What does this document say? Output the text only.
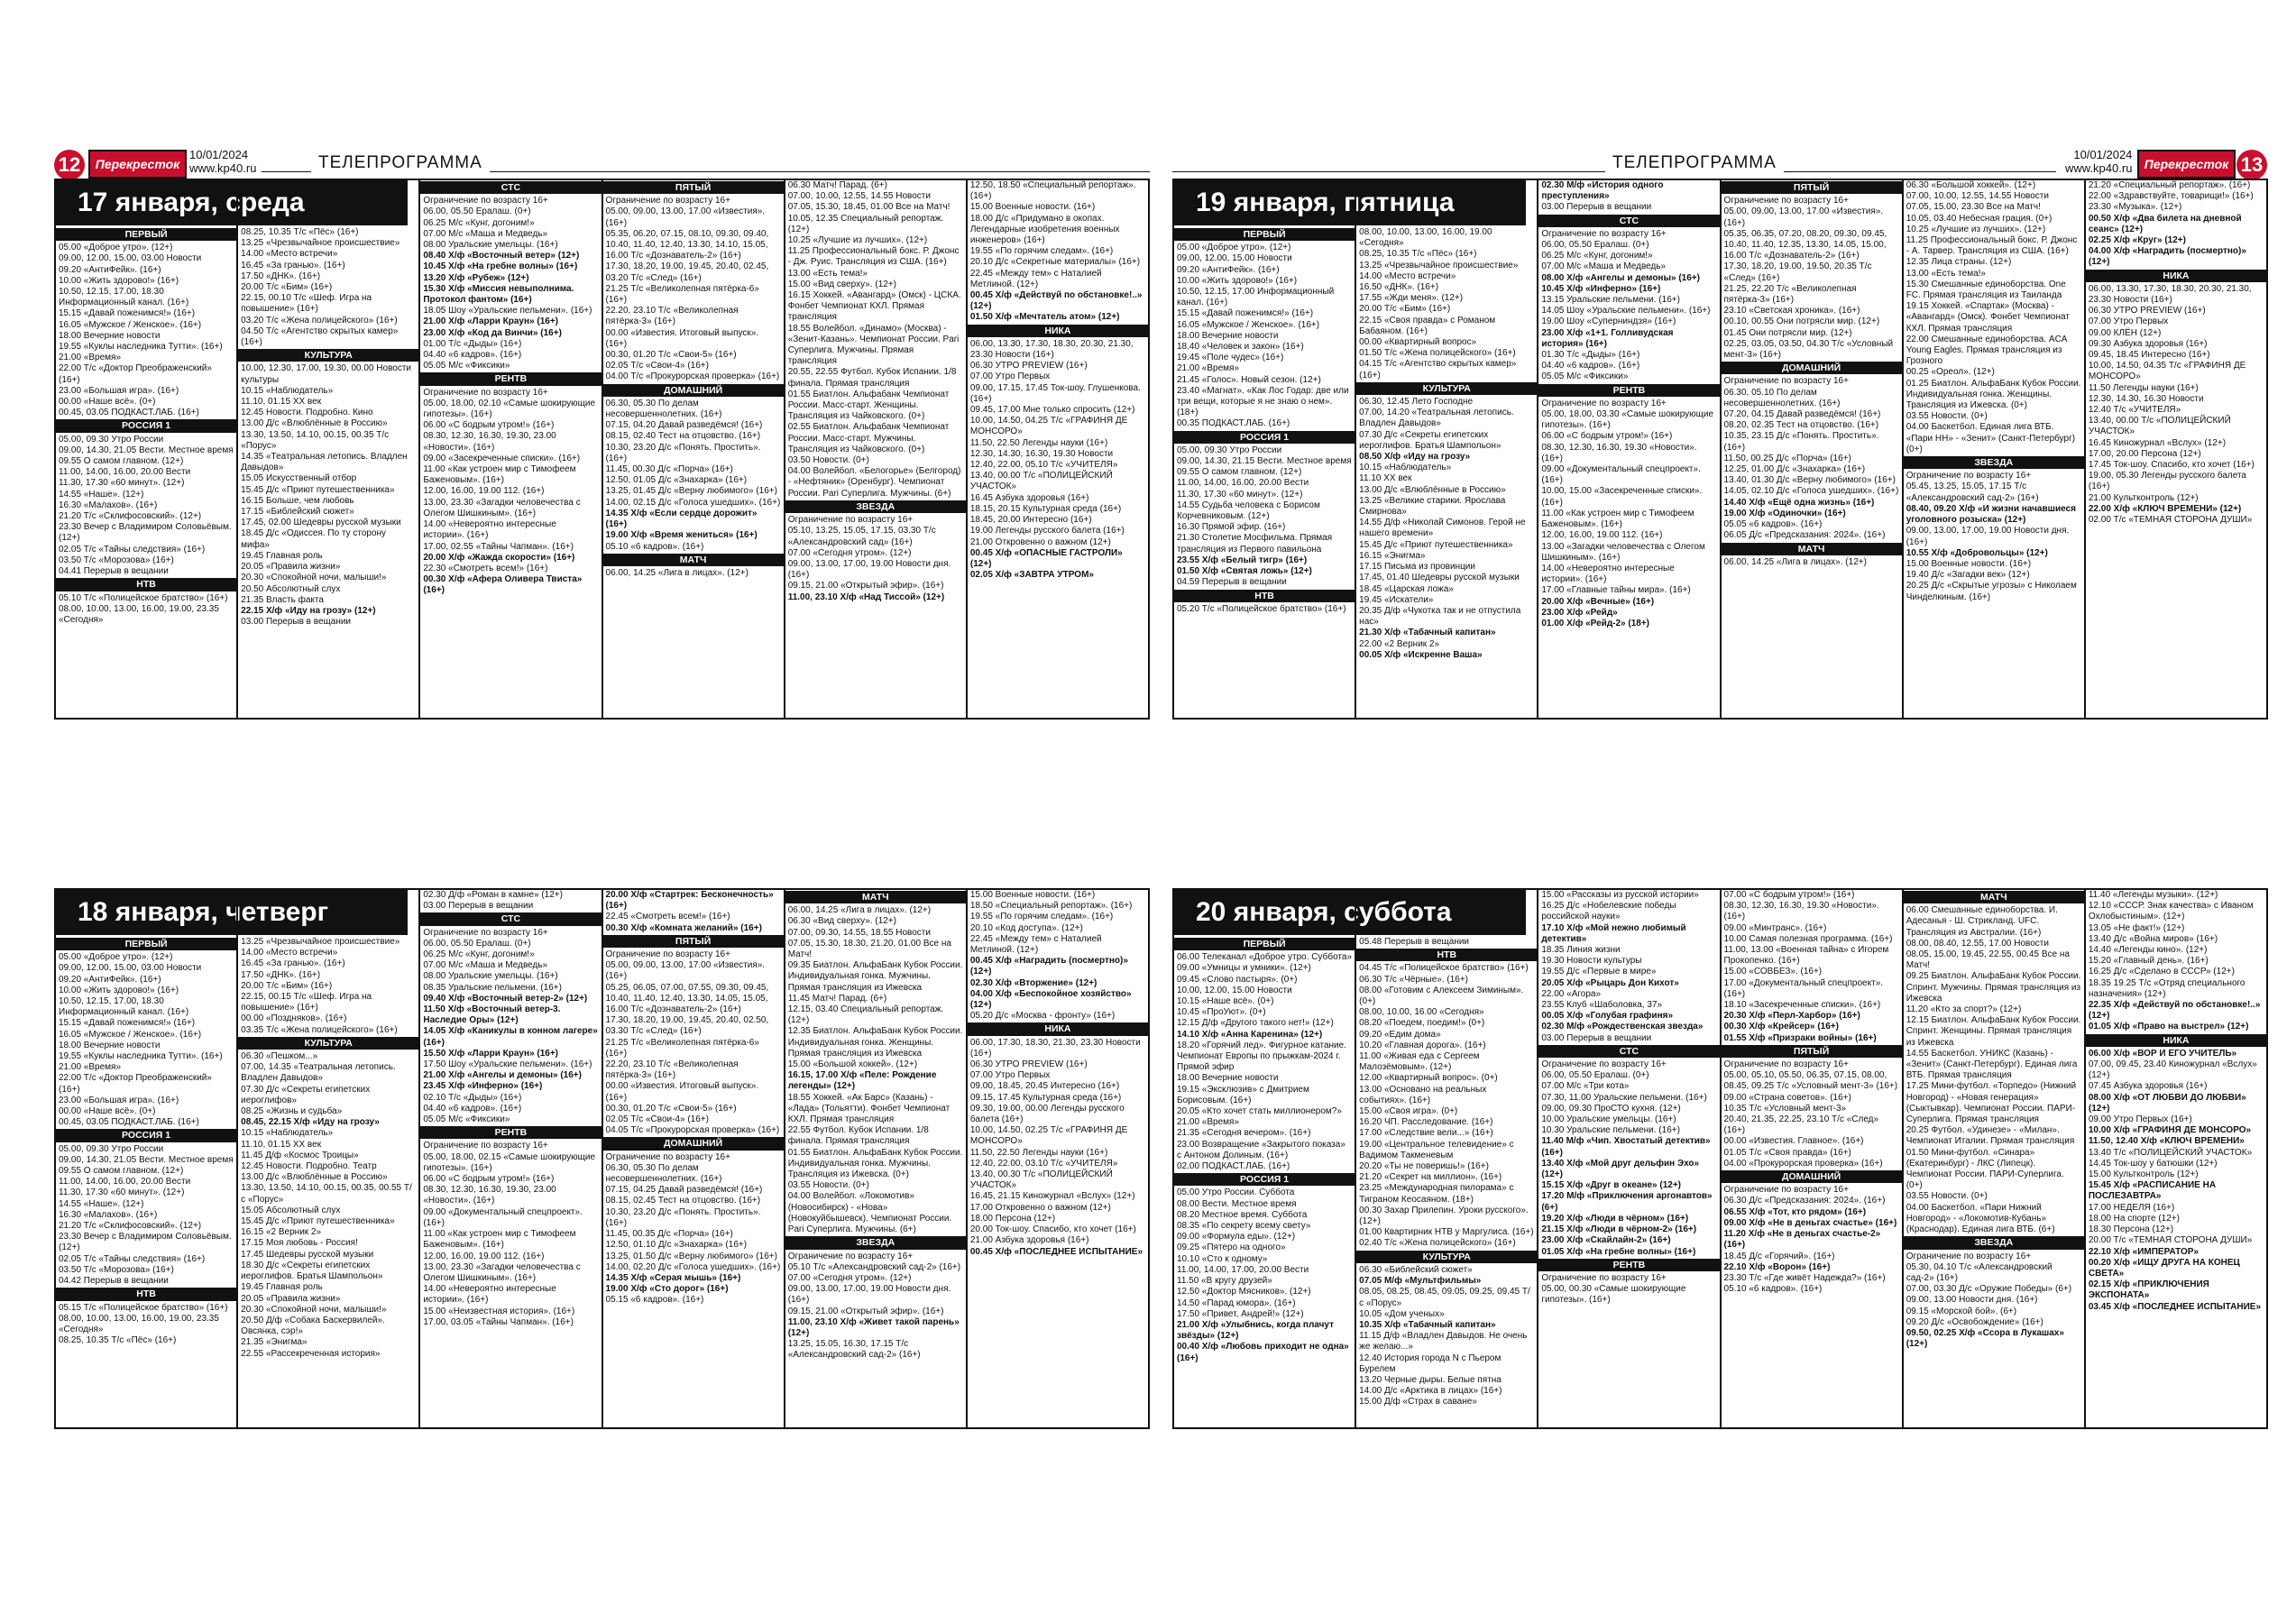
12	Перекресток
10/01/2024
www.kp40.ru	ТЕЛЕПРОГРАММА
17 января, среда
ПЕРВЫЙ
05.00 «Доброе утро». (12+)
09.00, 12.00, 15.00, 03.00 Новости
09.20 «АнтиФейк». (16+)
10.00 «Жить здорово!» (16+)
10.50, 12.15, 17.00, 18.30 Информационный канал. (16+)
15.15 «Давай поженимся!» (16+)
16.05 «Мужское / Женское». (16+)
18.00 Вечерние новости
19.55 «Куклы наследника Тутти». (16+)
21.00 «Время»
22.00 Т/с «Доктор Преображенский» (16+)
23.00 «Большая игра». (16+)
00.00 «Наше всё». (0+)
00.45, 03.05 ПОДКАСТ.ЛАБ. (16+)
РОССИЯ 1
05.00, 09.30 Утро России
09.00, 14.30, 21.05 Вести. Местное время
09.55 О самом главном. (12+)
11.00, 14.00, 16.00, 20.00 Вести
11.30, 17.30 «60 минут». (12+)
14.55 «Наше». (12+)
16.30 «Малахов». (16+)
21.20 Т/с «Склифосовский». (12+)
23.30 Вечер с Владимиром Соловьёвым. (12+)
02.05 Т/с «Тайны следствия» (16+)
03.50 Т/с «Морозова» (16+)
04.41 Перерыв в вещании
НТВ
05.10 Т/с «Полицейское братство» (16+)
08.00, 10.00, 13.00, 16.00, 19.00, 23.35 «Сегодня»
08.25, 10.35 Т/с «Пёс» (16+)
13.25 «Чрезвычайное происшествие»
14.00 «Место встречи»
16.45 «За гранью». (16+)
17.50 «ДНК». (16+)
20.00 Т/с «Бим» (16+)
22.15, 00.10 Т/с «Шеф. Игра на повышение» (16+)
03.20 Т/с «Жена полицейского» (16+)
04.50 Т/с «Агентство скрытых камер» (16+)
КУЛЬТУРА
10.00, 12.30, 17.00, 19.30, 00.00 Новости культуры
10.15 «Наблюдатель»
11.10, 01.15 ХХ век
12.45 Новости. Подробно. Кино
13.00 Д/с «Влюблённые в Россию»
13.30, 13.50, 14.10, 00.15, 00.35 Т/с «Порус»
14.35 «Театральная летопись. Владлен Давыдов»
15.05 Искусственный отбор
15.45 Д/с «Приют путешественника»
16.15 Больше, чем любовь
17.15 «Библейский сюжет»
17.45, 02.00 Шедевры русской музыки
18.45 Д/с «Одиссея. По ту сторону мифа»
19.45 Главная роль
20.05 «Правила жизни»
20.30 «Спокойной ночи, малыши!»
20.50 Абсолютный слух
21.35 Власть факта
22.15 Х/ф «Иду на грозу» (12+)
03.00 Перерыв в вещании
СТС
Ограничение по возрасту 16+
06.00, 05.50 Ералаш. (0+)
06.25 М/с «Кунг, догоним!»
07.00 М/с «Маша и Медведь»
08.00 Уральские умельцы. (16+)
08.40 Х/ф «Восточный ветер» (12+)
10.45 Х/ф «На гребне волны» (16+)
13.20 Х/ф «Рубеж» (12+)
15.30 Х/ф «Миссия невыполнима. Протокол фантом» (16+)
18.05 Шоу «Уральские пельмени». (16+)
21.00 Х/ф «Ларри Краун» (16+)
23.00 Х/ф «Код да Винчи» (16+)
01.00 Т/с «Дыды» (16+)
04.40 «6 кадров». (16+)
05.05 М/с «Фиксики»
РЕНТВ
Ограничение по возрасту 16+
05.00, 18.00, 02.10 «Самые шокирующие гипотезы». (16+)
06.00 «С бодрым утром!» (16+)
08.30, 12.30, 16.30, 19.30, 23.00 «Новости». (16+)
09.00 «Засекреченные списки». (16+)
11.00 «Как устроен мир с Тимофеем Баженовым». (16+)
12.00, 16.00, 19.00 112. (16+)
13.00, 23.30 «Загадки человечества с Олегом Шишкиным». (16+)
14.00 «Невероятно интересные истории». (16+)
17.00, 02.55 «Тайны Чапман». (16+)
20.00 Х/ф «Жажда скорости» (16+)
22.30 «Смотреть всем!» (16+)
00.30 Х/ф «Афера Оливера Твиста» (16+)
ПЯТЫЙ
Ограничение по возрасту 16+
05.00, 09.00, 13.00, 17.00 «Известия». (16+)
05.35, 06.20, 07.15, 08.10, 09.30, 09.40, 10.40, 11.40, 12.40, 13.30, 14.10, 15.05, 16.00 Т/с «Дознаватель-2» (16+)
17.30, 18.20, 19.00, 19.45, 20.40, 02.45, 03.20 Т/с «След» (16+)
21.25 Т/с «Великолепная пятёрка-6» (16+)
22.20, 23.10 Т/с «Великолепная пятёрка-3» (16+)
00.00 «Известия. Итоговый выпуск». (16+)
00.30, 01.20 Т/с «Свои-5» (16+)
02.05 Т/с «Свои-4» (16+)
04.00 Т/с «Прокурорская проверка» (16+)
ДОМАШНИЙ
06.30, 05.30 По делам несовершеннолетних. (16+)
07.15, 04.20 Давай разведёмся! (16+)
08.15, 02.40 Тест на отцовство. (16+)
10.30, 23.20 Д/с «Понять. Простить». (16+)
11.45, 00.30 Д/с «Порча» (16+)
12.50, 01.05 Д/с «Знахарка» (16+)
13.25, 01.45 Д/с «Верну любимого» (16+)
14.00, 02.15 Д/с «Голоса ушедших». (16+)
14.35 Х/ф «Если сердце дорожит» (16+)
19.00 Х/ф «Время жениться» (16+)
05.10 «6 кадров». (16+)
МАТЧ
06.00, 14.25 «Лига в лицах». (12+)
06.30 Матч! Парад. (6+)
07.00, 10.00, 12.55, 14.55 Новости
07.05, 15.30, 18.45, 01.00 Все на Матч!
10.05, 12.35 Специальный репортаж. (12+)
10.25 «Лучшие из лучших». (12+)
11.25 Профессиональный бокс. Р. Джонс - Дж. Руис. Трансляция из США. (16+)
13.00 «Есть тема!»
15.00 «Вид сверху». (12+)
16.15 Хоккей. «Авангард» (Омск) - ЦСКА. Фонбет Чемпионат КХЛ. Прямая трансляция
18.55 Волейбол. «Динамо» (Москва) - «Зенит-Казань». Чемпионат России. Pari Суперлига. Мужчины. Прямая трансляция
20.55, 22.55 Футбол. Кубок Испании. 1/8 финала. Прямая трансляция
01.55 Биатлон. Альфабанк Чемпионат России. Масс-старт. Женщины. Трансляция из Чайковского. (0+)
02.55 Биатлон. Альфабанк Чемпионат России. Масс-старт. Мужчины. Трансляция из Чайковского. (0+)
03.50 Новости. (0+)
04.00 Волейбол. «Белогорье» (Белгород) - «Нефтяник» (Оренбург). Чемпионат России. Pari Суперлига. Мужчины. (6+)
ЗВЕЗДА
Ограничение по возрасту 16+
05.10, 13.25, 15.05, 17.15, 03.30 Т/с «Александровский сад» (16+)
07.00 «Сегодня утром». (12+)
09.00, 13.00, 17.00, 19.00 Новости дня. (16+)
09.15, 21.00 «Открытый эфир». (16+)
11.00, 23.10 Х/ф «Над Тиссой» (12+)
12.50, 18.50 «Специальный репортаж». (16+)
15.00 Военные новости. (16+)
18.00 Д/с «Придумано в окопах. Легендарные изобретения военных инженеров» (16+)
19.55 «По горячим следам». (16+)
20.10 Д/с «Секретные материалы» (16+)
22.45 «Между тем» с Наталией Метлиной. (12+)
00.45 Х/ф «Действуй по обстановке!..» (12+)
01.50 Х/ф «Мечтатель атом» (12+)
НИКА
06.00, 13.30, 17.30, 18.30, 20.30, 21.30, 23.30 Новости (16+)
06.30 УТРО PREVIEW (16+)
07.00 Утро Первых
09.00, 17.15, 17.45 Ток-шоу. Глушенкова. (16+)
09.45, 17.00 Мне только спросить (12+)
10.00, 14.50, 04.25 Т/с «ГРАФИНЯ ДЕ МОНСОРО»
11.50, 22.50 Легенды науки (16+)
12.30, 14.30, 16.30, 19.30 Новости
12.40, 22.00, 05.10 Т/с «УЧИТЕЛЯ»
13.40, 00.00 Т/с «ПОЛИЦЕЙСКИЙ УЧАСТОК»
16.45 Азбука здоровья (16+)
18.15, 20.15 Культурная среда (16+)
18.45, 20.00 Интересно (16+)
19.00 Легенды русского балета (16+)
21.00 Откровенно о важном (12+)
00.45 Х/ф «ОПАСНЫЕ ГАСТРОЛИ» (12+)
02.05 Х/ф «ЗАВТРА УТРОМ»
18 января, четверг
ПЕРВЫЙ
05.00 «Доброе утро». (12+)
09.00, 12.00, 15.00, 03.00 Новости
09.20 «АнтиФейк». (16+)
10.00 «Жить здорово!» (16+)
10.50, 12.15, 17.00, 18.30 Информационный канал. (16+)
15.15 «Давай поженимся!» (16+)
16.05 «Мужское / Женское». (16+)
18.00 Вечерние новости
19.55 «Куклы наследника Тутти». (16+)
21.00 «Время»
22.00 Т/с «Доктор Преображенский» (16+)
23.00 «Большая игра». (16+)
00.00 «Наше всё». (0+)
00.45, 03.05 ПОДКАСТ.ЛАБ. (16+)
РОССИЯ 1
05.00, 09.30 Утро России
09.00, 14.30, 21.05 Вести. Местное время
09.55 О самом главном. (12+)
11.00, 14.00, 16.00, 20.00 Вести
11.30, 17.30 «60 минут». (12+)
14.55 «Наше». (12+)
16.30 «Малахов». (16+)
21.20 Т/с «Склифосовский». (12+)
23.30 Вечер с Владимиром Соловьёвым. (12+)
02.05 Т/с «Тайны следствия» (16+)
03.50 Т/с «Морозова» (16+)
04.42 Перерыв в вещании
НТВ
05.15 Т/с «Полицейское братство» (16+)
08.00, 10.00, 13.00, 16.00, 19.00, 23.35 «Сегодня»
08.25, 10.35 Т/с «Пёс» (16+)
13.25 «Чрезвычайное происшествие»
14.00 «Место встречи»
16.45 «За гранью». (16+)
17.50 «ДНК». (16+)
20.00 Т/с «Бим» (16+)
22.15, 00.15 Т/с «Шеф. Игра на повышение» (16+)
00.00 «Поздняков». (16+)
03.35 Т/с «Жена полицейского» (16+)
КУЛЬТУРА
06.30 «Пешком...»
07.00, 14.35 «Театральная летопись. Владлен Давыдов»
07.30 Д/с «Секреты египетских иероглифов»
08.25 «Жизнь и судьба»
08.45, 22.15 Х/ф «Иду на грозу»
10.15 «Наблюдатель»
11.10, 01.15 ХХ век
11.45 Д/ф «Космос Троицы»
12.45 Новости. Подробно. Театр
13.00 Д/с «Влюблённые в Россию»
13.30, 13.50, 14.10, 00.15, 00.35, 00.55 Т/с «Порус»
15.05 Абсолютный слух
15.45 Д/с «Приют путешественника»
16.15 «2 Верник 2»
17.15 Моя любовь - Россия!
17.45 Шедевры русской музыки
18.30 Д/с «Секреты египетских иероглифов. Братья Шампольон»
19.45 Главная роль
20.05 «Правила жизни»
20.30 «Спокойной ночи, малыши!»
20.50 Д/ф «Собака Баскервилей». Овсянка, сэр!»
21.35 «Энигма»
22.55 «Рассекреченная история»
02.30 Д/ф «Роман в камне» (12+)
03.00 Перерыв в вещании
СТС
Ограничение по возрасту 16+
06.00, 05.50 Ералаш. (0+)
06.25 М/с «Кунг, догоним!»
07.00 М/с «Маша и Медведь»
08.00 Уральские умельцы. (16+)
08.35 Уральские пельмени. (16+)
09.40 Х/ф «Восточный ветер-2» (12+)
11.50 Х/ф «Восточный ветер-3. Наследие Оры» (12+)
14.05 Х/ф «Каникулы в конном лагере» (16+)
15.50 Х/ф «Ларри Краун» (16+)
17.50 Шоу «Уральские пельмени». (16+)
21.00 Х/ф «Ангелы и демоны» (16+)
23.45 Х/ф «Инферно» (16+)
02.10 Т/с «Дыды» (16+)
04.40 «6 кадров». (16+)
05.05 М/с «Фиксики»
РЕНТВ
Ограничение по возрасту 16+
05.00, 18.00, 02.15 «Самые шокирующие гипотезы». (16+)
06.00 «С бодрым утром!» (16+)
08.30, 12.30, 16.30, 19.30, 23.00 «Новости». (16+)
09.00 «Документальный спецпроект». (16+)
11.00 «Как устроен мир с Тимофеем Баженовым». (16+)
12.00, 16.00, 19.00 112. (16+)
13.00, 23.30 «Загадки человечества с Олегом Шишкиным». (16+)
14.00 «Невероятно интересные истории». (16+)
15.00 «Неизвестная история». (16+)
17.00, 03.05 «Тайны Чапман». (16+)
20.00 Х/ф «Стартрек: Бесконечность» (16+)
22.45 «Смотреть всем!» (16+)
00.30 Х/ф «Комната желаний» (16+)
ПЯТЫЙ
Ограничение по возрасту 16+
05.00, 09.00, 13.00, 17.00 «Известия». (16+)
05.25, 06.05, 07.00, 07.55, 09.30, 09.45, 10.40, 11.40, 12.40, 13.30, 14.05, 15.05, 16.00 Т/с «Дознаватель-2» (16+)
17.30, 18.20, 19.00, 19.45, 20.40, 02.50, 03.30 Т/с «След» (16+)
21.25 Т/с «Великолепная пятёрка-6» (16+)
22.20, 23.10 Т/с «Великолепная пятёрка-3» (16+)
00.00 «Известия. Итоговый выпуск». (16+)
00.30, 01.20 Т/с «Свои-5» (16+)
02.05 Т/с «Свои-4» (16+)
04.05 Т/с «Прокурорская проверка» (16+)
ДОМАШНИЙ
Ограничение по возрасту 16+
06.30, 05.30 По делам несовершеннолетних. (16+)
07.15, 04.25 Давай разведёмся! (16+)
08.15, 02.45 Тест на отцовство. (16+)
10.30, 23.20 Д/с «Понять. Простить». (16+)
11.45, 00.35 Д/с «Порча» (16+)
12.50, 01.10 Д/с «Знахарка» (16+)
13.25, 01.50 Д/с «Верну любимого» (16+)
14.00, 02.20 Д/с «Голоса ушедших». (16+)
14.35 Х/ф «Серая мышь» (16+)
19.00 Х/ф «Сто дорог» (16+)
05.15 «6 кадров». (16+)
МАТЧ
06.00, 14.25 «Лига в лицах». (12+)
06.30 «Вид сверху». (12+)
07.00, 09.30, 14.55, 18.55 Новости
07.05, 15.30, 18.30, 21.20, 01.00 Все на Матч!
09.35 Биатлон. АльфаБанк Кубок России. Индивидуальная гонка. Мужчины. Прямая трансляция из Ижевска
11.45 Матч! Парад. (6+)
12.15, 03.40 Специальный репортаж. (12+)
12.35 Биатлон. АльфаБанк Кубок России. Индивидуальная гонка. Женщины. Прямая трансляция из Ижевска
15.00 «Большой хоккей». (12+)
16.15, 17.00 Х/ф «Пеле: Рождение легенды» (12+)
18.55 Хоккей. «Ак Барс» (Казань) - «Лада» (Тольятти). Фонбет Чемпионат КХЛ. Прямая трансляция
22.55 Футбол. Кубок Испании. 1/8 финала. Прямая трансляция
01.55 Биатлон. АльфаБанк Кубок России. Индивидуальная гонка. Мужчины. Трансляция из Ижевска. (0+)
03.55 Новости. (0+)
04.00 Волейбол. «Локомотив» (Новосибирск) - «Нова» (Новокуйбышевск). Чемпионат России. Pari Суперлига. Мужчины. (6+)
ЗВЕЗДА
Ограничение по возрасту 16+
05.10 Т/с «Александровский сад-2» (16+)
07.00 «Сегодня утром». (12+)
09.00, 13.00, 17.00, 19.00 Новости дня. (16+)
09.15, 21.00 «Открытый эфир». (16+)
11.00, 23.10 Х/ф «Живет такой парень» (12+)
13.25, 15.05, 16.30, 17.15 Т/с «Александровский сад-2» (16+)
15.00 Военные новости. (16+)
18.50 «Специальный репортаж». (16+)
19.55 «По горячим следам». (16+)
20.10 «Код доступа». (12+)
22.45 «Между тем» с Наталией Метлиной. (12+)
00.45 Х/ф «Наградить (посмертно)» (12+)
02.30 Х/ф «Вторжение» (12+)
04.00 Х/ф «Беспокойное хозяйство» (12+)
05.20 Д/с «Москва - фронту» (16+)
НИКА
06.00, 17.30, 18.30, 21.30, 23.30 Новости (16+)
06.30 УТРО PREVIEW (16+)
07.00 Утро Первых
09.00, 18.45, 20.45 Интересно (16+)
09.15, 17.45 Культурная среда (16+)
09.30, 19.00, 00.00 Легенды русского балета (16+)
10.00, 14.50, 02.25 Т/с «ГРАФИНЯ ДЕ МОНСОРО»
11.50, 22.50 Легенды науки (16+)
12.40, 22.00, 03.10 Т/с «УЧИТЕЛЯ»
13.40, 00.30 Т/с «ПОЛИЦЕЙСКИЙ УЧАСТОК»
16.45, 21.15 Киножурнал «Вслух» (12+)
17.00 Откровенно о важном (12+)
18.00 Персона (12+)
20.00 Ток-шоу. Спасибо, кто хочет (16+)
21.00 Азбука здоровья (16+)
00.45 Х/ф «ПОСЛЕДНЕЕ ИСПЫТАНИЕ»
ТЕЛЕПРОГРАММА	10/01/2024
www.kp40.ru Перекресток 13
19 января, пятница
ПЕРВЫЙ
05.00 «Доброе утро». (12+)
09.00, 12.00, 15.00 Новости
09.20 «АнтиФейк». (16+)
10.00 «Жить здорово!» (16+)
10.50, 12.15, 17.00 Информационный канал. (16+)
15.15 «Давай поженимся!» (16+)
16.05 «Мужское / Женское». (16+)
18.00 Вечерние новости
18.40 «Человек и закон» (16+)
19.45 «Поле чудес» (16+)
21.00 «Время»
21.45 «Голос». Новый сезон. (12+)
23.40 «Магнат». «Как Лос Годар: две или три вещи, которые я не знаю о нем». (18+)
00.35 ПОДКАСТ.ЛАБ. (16+)
РОССИЯ 1
05.00, 09.30 Утро России
09.00, 14.30, 21.15 Вести. Местное время
09.55 О самом главном. (12+)
11.00, 14.00, 16.00, 20.00 Вести
11.30, 17.30 «60 минут». (12+)
14.55 Судьба человека с Борисом Корчевниковым. (12+)
16.30 Прямой эфир. (16+)
21.30 Столетие Мосфильма. Прямая трансляция из Первого павильона
23.55 Х/ф «Белый тигр» (16+)
01.50 Х/ф «Святая ложь» (12+)
04.59 Перерыв в вещании
НТВ
05.20 Т/с «Полицейское братство» (16+)
08.00, 10.00, 13.00, 16.00, 19.00 «Сегодня»
08.25, 10.35 Т/с «Пёс» (16+)
13.25 «Чрезвычайное происшествие»
14.00 «Место встречи»
16.50 «ДНК». (16+)
17.55 «Жди меня». (12+)
20.00 Т/с «Бим» (16+)
22.15 «Своя правда» с Романом Бабаяном. (16+)
00.00 «Квартирный вопрос»
01.50 Т/с «Жена полицейского» (16+)
04.15 Т/с «Агентство скрытых камер» (16+)
КУЛЬТУРА
06.30, 12.45 Лето Господне
07.00, 14.20 «Театральная летопись. Владлен Давыдов»
07.30 Д/с «Секреты египетских иероглифов. Братья Шампольон»
08.50 Х/ф «Иду на грозу»
10.15 «Наблюдатель»
11.10 ХХ век
13.00 Д/с «Влюблённые в Россию»
13.25 «Великие старики. Ярослава Смирнова»
14.55 Д/ф «Николай Симонов. Герой не нашего времени»
15.45 Д/с «Приют путешественника»
16.15 «Энигма»
17.15 Письма из провинции
17.45, 01.40 Шедевры русской музыки
18.45 «Царская ложа»
19.45 «Искатели»
20.35 Д/ф «Чукотка так и не отпустила нас»
21.30 Х/ф «Табачный капитан»
22.00 «2 Верник 2»
00.05 Х/ф «Искренне Ваша»
02.30 М/ф «История одного преступления»
03.00 Перерыв в вещании
СТС
Ограничение по возрасту 16+
06.00, 05.50 Ералаш. (0+)
06.25 М/с «Кунг, догоним!»
07.00 М/с «Маша и Медведь»
08.00 Х/ф «Ангелы и демоны» (16+)
10.45 Х/ф «Инферно» (16+)
13.15 Уральские пельмени. (16+)
14.05 Шоу «Уральские пельмени». (16+)
19.00 Шоу «Суперниндзя» (16+)
23.00 Х/ф «1+1. Голливудская история» (16+)
01.30 Т/с «Дыды» (16+)
04.40 «6 кадров». (16+)
05.05 М/с «Фиксики»
РЕНТВ
Ограничение по возрасту 16+
05.00, 18.00, 03.30 «Самые шокирующие гипотезы». (16+)
06.00 «С бодрым утром!» (16+)
08.30, 12.30, 16.30, 19.30 «Новости». (16+)
09.00 «Документальный спецпроект». (16+)
10.00, 15.00 «Засекреченные списки». (16+)
11.00 «Как устроен мир с Тимофеем Баженовым». (16+)
12.00, 16.00, 19.00 112. (16+)
13.00 «Загадки человечества с Олегом Шишкиным». (16+)
14.00 «Невероятно интересные истории». (16+)
17.00 «Главные тайны мира». (16+)
20.00 Х/ф «Вечные» (16+)
23.00 Х/ф «Рейд»
01.00 Х/ф «Рейд-2» (18+)
ПЯТЫЙ
Ограничение по возрасту 16+
05.00, 09.00, 13.00, 17.00 «Известия». (16+)
05.35, 06.35, 07.20, 08.20, 09.30, 09.45, 10.40, 11.40, 12.35, 13.30, 14.05, 15.00, 16.00 Т/с «Дознаватель-2» (16+)
17.30, 18.20, 19.00, 19.50, 20.35 Т/с «След» (16+)
21.25, 22.20 Т/с «Великолепная пятёрка-3» (16+)
23.10 «Светская хроника». (16+)
00.10, 00.55 Они потрясли мир. (12+)
01.45 Они потрясли мир. (12+)
02.25, 03.05, 03.50, 04.30 Т/с «Условный мент-3» (16+)
ДОМАШНИЙ
Ограничение по возрасту 16+
06.30, 05.10 По делам несовершеннолетних. (16+)
07.20, 04.15 Давай разведёмся! (16+)
08.20, 02.35 Тест на отцовство. (16+)
10.35, 23.15 Д/с «Понять. Простить». (16+)
11.50, 00.25 Д/с «Порча» (16+)
12.25, 01.00 Д/с «Знахарка» (16+)
13.40, 01.30 Д/с «Верну любимого» (16+)
14.05, 02.10 Д/с «Голоса ушедших». (16+)
14.40 Х/ф «Ещё одна жизнь» (16+)
19.00 Х/ф «Одиночки» (16+)
05.05 «6 кадров». (16+)
06.05 Д/с «Предсказания: 2024». (16+)
МАТЧ
06.00, 14.25 «Лига в лицах». (12+)
06.30 «Большой хоккей». (12+)
07.00, 10.00, 12.55, 14.55 Новости
07.05, 15.00, 23.30 Все на Матч!
10.05, 03.40 Небесная грация. (0+)
10.25 «Лучшие из лучших». (12+)
11.25 Профессиональный бокс. Р. Джонс - А. Тарвер. Трансляция из США. (16+)
12.35 Лица страны. (12+)
13.00 «Есть тема!»
15.30 Смешанные единоборства. One FC. Прямая трансляция из Таиланда
19.15 Хоккей. «Спартак» (Москва) - «Авангард» (Омск). Фонбет Чемпионат КХЛ. Прямая трансляция
22.00 Смешанные единоборства. ACA Young Eagles. Прямая трансляция из Грозного
00.25 «Ореол». (12+)
01.25 Биатлон. АльфаБанк Кубок России. Индивидуальная гонка. Женщины. Трансляция из Ижевска. (0+)
03.55 Новости. (0+)
04.00 Баскетбол. Единая лига ВТБ. «Пари НН» - «Зенит» (Санкт-Петербург) (0+)
ЗВЕЗДА
Ограничение по возрасту 16+
05.45, 13.25, 15.05, 17.15 Т/с «Александровский сад-2» (16+)
08.40, 09.20 Х/ф «И жизни начавшиеся уголовного розыска» (12+)
09.00, 13.00, 17.00, 19.00 Новости дня. (16+)
10.55 Х/ф «Добровольцы» (12+)
15.00 Военные новости. (16+)
19.40 Д/с «Загадки век» (12+)
20.25 Д/с «Скрытые угрозы» с Николаем Чинделкиным. (16+)
21.20 «Специальный репортаж». (16+)
22.00 «Здравствуйте, товарищи!» (16+)
23.30 «Музыка». (12+)
00.50 Х/ф «Два билета на дневной сеанс» (12+)
02.25 Х/ф «Круг» (12+)
04.00 Х/ф «Наградить (посмертно)» (12+)
НИКА
06.00, 13.30, 17.30, 18.30, 20.30, 21.30, 23.30 Новости (16+)
06.30 УТРО PREVIEW (16+)
07.00 Утро Первых
09.00 КЛЁН (12+)
09.30 Азбука здоровья (16+)
09.45, 18.45 Интересно (16+)
10.00, 14.50, 04.35 Т/с «ГРАФИНЯ ДЕ МОНСОРО»
11.50 Легенды науки (16+)
12.30, 14.30, 16.30 Новости
12.40 Т/с «УЧИТЕЛЯ»
13.40, 00.00 Т/с «ПОЛИЦЕЙСКИЙ УЧАСТОК»
16.45 Киножурнал «Вслух» (12+)
17.00, 20.00 Персона (12+)
17.45 Ток-шоу. Спасибо, кто хочет (16+)
19.00, 05.30 Легенды русского балета (16+)
21.00 Культконтроль (12+)
22.00 Х/ф «КЛЮЧ ВРЕМЕНИ» (12+)
02.00 Т/с «ТЕМНАЯ СТОРОНА ДУШИ»
20 января, суббота
ПЕРВЫЙ
06.00 Телеканал «Доброе утро. Суббота»
09.00 «Умницы и умники». (12+)
09.45 «Слово пастыря». (0+)
10.00, 12.00, 15.00 Новости
10.15 «Наше всё». (0+)
10.45 «ПроУют». (0+)
12.15 Д/ф «Другого такого нет!» (12+)
14.10 Х/ф «Анна Каренина» (12+)
18.20 «Горячий лед». Фигурное катание. Чемпионат Европы по прыжкам-2024 г. Прямой эфир
18.00 Вечерние новости
19.15 «Эксклюзив» с Дмитрием Борисовым. (16+)
20.05 «Кто хочет стать миллионером?»
21.00 «Время»
21.35 «Сегодня вечером». (16+)
23.00 Возвращение «Закрытого показа» с Антоном Долиным. (16+)
02.00 ПОДКАСТ.ЛАБ. (16+)
РОССИЯ 1
05.00 Утро России. Суббота
08.00 Вести. Местное время
08.20 Местное время. Суббота
08.35 «По секрету всему свету»
09.00 «Формула еды». (12+)
09.25 «Пятеро на одного»
10.10 «Сто к одному»
11.00, 14.00, 17.00, 20.00 Вести
11.50 «В кругу друзей»
12.50 «Доктор Мясников». (12+)
14.50 «Парад юмора». (16+)
17.50 «Привет, Андрей!» (12+)
21.00 Х/ф «Улыбнись, когда плачут звёзды» (12+)
00.40 Х/ф «Любовь приходит не одна» (16+)
05.48 Перерыв в вещании
НТВ
04.45 Т/с «Полицейское братство» (16+)
06.30 Т/с «Чёрные». (16+)
08.00 «Готовим с Алексеем Зиминым». (0+)
08.00, 10.00, 16.00 «Сегодня»
08.20 «Поедем, поедим!» (0+)
09.20 «Едим дома»
10.20 «Главная дорога». (16+)
11.00 «Живая еда с Сергеем Малозёмовым». (12+)
12.00 «Квартирный вопрос». (0+)
13.00 «Основано на реальных событиях». (16+)
15.00 «Своя игра». (0+)
16.20 ЧП. Расследование. (16+)
17.00 «Следствие вели...» (16+)
19.00 «Центральное телевидение» с Вадимом Такменевым
20.20 «Ты не поверишь!» (16+)
21.20 «Секрет на миллион». (16+)
23.25 «Международная пилорама» с Тиграном Кеосаяном. (18+)
00.30 Захар Прилепин. Уроки русского». (12+)
01.00 Квартирник НТВ у Маргулиса. (16+)
02.40 Т/с «Жена полицейского» (16+)
КУЛЬТУРА
06.30 «Библейский сюжет»
07.05 М/ф «Мультфильмы»
08.05, 08.25, 08.45, 09.05, 09.25, 09.45 Т/с «Порус»
10.05 «Дом ученых»
10.35 Х/ф «Табачный капитан»
11.15 Д/ф «Владлен Давыдов. Не очень же желаю...»
12.40 История города N с Пьером Бурелем
13.20 Черные дыры. Белые пятна
14.00 Д/с «Арктика в лицах» (16+)
15.00 Д/ф «Страх в саване»
15.00 «Рассказы из русской истории»
16.25 Д/с «Нобелевские победы российской науки»
17.10 Х/ф «Мой нежно любимый детектив»
18.35 Линия жизни
19.30 Новости культуры
19.55 Д/с «Первые в мире»
20.05 Х/ф «Рыцарь Дон Кихот»
22.00 «Агора»
23.55 Клуб «Шаболовка, 37»
00.05 Х/ф «Голубая графиня»
02.30 М/ф «Рождественская звезда»
03.00 Перерыв в вещании
СТС
Ограничение по возрасту 16+
06.00, 05.50 Ералаш. (0+)
07.00 М/с «Три кота»
07.30, 11.00 Уральские пельмени. (16+)
09.00, 09.30 ПроСТО кухня. (12+)
10.00 Уральские умельцы. (16+)
10.30 Уральские пельмени. (16+)
11.40 М/ф «Чип. Хвостатый детектив» (16+)
13.40 Х/ф «Мой друг дельфин Эхо» (12+)
15.15 Х/ф «Друг в океане» (12+)
17.20 М/ф «Приключения аргонавтов» (6+)
19.20 Х/ф «Люди в чёрном» (16+)
21.15 Х/ф «Люди в чёрном-2» (16+)
23.00 Х/ф «Скайлайн-2» (16+)
01.05 Х/ф «На гребне волны» (16+)
РЕНТВ
Ограничение по возрасту 16+
05.00, 00.30 «Самые шокирующие гипотезы». (16+)
07.00 «С бодрым утром!» (16+)
08.30, 12.30, 16.30, 19.30 «Новости». (16+)
09.00 «Минтранс». (16+)
10.00 Самая полезная программа. (16+)
11.00, 13.00 «Военная тайна» с Игорем Прокопенко. (16+)
15.00 «СОВБЕЗ». (16+)
17.00 «Документальный спецпроект». (16+)
18.10 «Засекреченные списки». (16+)
20.30 Х/ф «Перл-Харбор» (16+)
00.30 Х/ф «Крейсер» (16+)
01.55 Х/ф «Призраки войны» (16+)
ПЯТЫЙ
Ограничение по возрасту 16+
05.00, 05.10, 05.50, 06.35, 07.15, 08.00, 08.45, 09.25 Т/с «Условный мент-3» (16+)
09.00 «Страна советов». (16+)
10.35 Т/с «Условный мент-3»
20.40, 21.35, 22.25, 23.10 Т/с «След» (16+)
00.00 «Известия. Главное». (16+)
01.05 Т/с «Своя правда» (16+)
04.00 «Прокурорская проверка» (16+)
ДОМАШНИЙ
Ограничение по возрасту 16+
06.30 Д/с «Предсказания: 2024». (16+)
06.55 Х/ф «Тот, кто рядом» (16+)
09.00 Х/ф «Не в деньгах счастье» (16+)
11.20 Х/ф «Не в деньгах счастье-2» (16+)
18.45 Д/с «Горячий». (16+)
22.10 Х/ф «Ворон» (16+)
23.30 Т/с «Где живёт Надежда?» (16+)
05.10 «6 кадров». (16+)
МАТЧ
06.00 Смешанные единоборства. И. Адесанья - Ш. Стрикланд. UFC. Трансляция из Австралии. (16+)
08.00, 08.40, 12.55, 17.00 Новости
08.05, 15.00, 19.45, 22.55, 00.45 Все на Матч!
09.25 Биатлон. АльфаБанк Кубок России. Спринт. Мужчины. Прямая трансляция из Ижевска
11.20 «Кто за спорт?» (12+)
12.15 Биатлон. АльфаБанк Кубок России. Спринт. Женщины. Прямая трансляция из Ижевска
14.55 Баскетбол. УНИКС (Казань) - «Зенит» (Санкт-Петербург). Единая лига ВТБ. Прямая трансляция
17.25 Мини-футбол. «Торпедо» (Нижний Новгород) - «Новая генерация» (Сыктывкар). Чемпионат России. ПАРИ-Суперлига. Прямая трансляция
20.25 Футбол. «Удинезе» - «Милан». Чемпионат Италии. Прямая трансляция
01.50 Мини-футбол. «Синара» (Екатеринбург) - ЛКС (Липецк). Чемпионат России. ПАРИ-Суперлига. (0+)
03.55 Новости. (0+)
04.00 Баскетбол. «Пари Нижний Новгород» - «Локомотив-Кубань» (Краснодар). Единая лига ВТБ. (6+)
ЗВЕЗДА
Ограничение по возрасту 16+
05.30, 04.10 Т/с «Александровский сад-2» (16+)
07.00, 03.30 Д/с «Оружие Победы» (6+)
09.00, 13.00 Новости дня. (16+)
09.15 «Морской бой». (6+)
09.20 Д/с «Освобождение» (16+)
09.50, 02.25 Х/ф «Ссора в Лукашах» (12+)
11.40 «Легенды музыки». (12+)
12.10 «СССР. Знак качества» с Иваном Охлобыстиным». (12+)
13.05 «Не факт!» (12+)
13.40 Д/с «Война миров» (16+)
14.40 «Легенды кино». (12+)
15.20 «Главный день». (16+)
16.25 Д/с «Сделано в СССР» (12+)
18.35 19.25 Т/с «Отряд специального назначения» (12+)
22.35 Х/ф «Действуй по обстановке!..» (12+)
01.05 Х/ф «Право на выстрел» (12+)
НИКА
06.00 Х/ф «ВОР И ЕГО УЧИТЕЛЬ»
07.00, 09.45, 23.40 Киножурнал «Вслух» (12+)
07.45 Азбука здоровья (16+)
08.00 Х/ф «ОТ ЛЮБВИ ДО ЛЮБВИ» (12+)
09.00 Утро Первых (16+)
10.00 Х/ф «ГРАФИНЯ ДЕ МОНСОРО»
11.50, 12.40 Х/ф «КЛЮЧ ВРЕМЕНИ»
13.40 Т/с «ПОЛИЦЕЙСКИЙ УЧАСТОК»
14.45 Ток-шоу у батюшки (12+)
15.00 Культконтроль (12+)
15.45 Х/ф «РАСПИСАНИЕ НА ПОСЛЕЗАВТРА»
17.00 НЕДЕЛЯ (16+)
18.00 На спорте (12+)
18.30 Персона (12+)
20.00 Т/с «ТЕМНАЯ СТОРОНА ДУШИ»
22.10 Х/ф «ИМПЕРАТОР»
00.20 Х/ф «ИЩУ ДРУГА НА КОНЕЦ СВЕТА»
02.15 Х/ф «ПРИКЛЮЧЕНИЯ ЭКСПОНАТА»
03.45 Х/ф «ПОСЛЕДНЕЕ ИСПЫТАНИЕ»
